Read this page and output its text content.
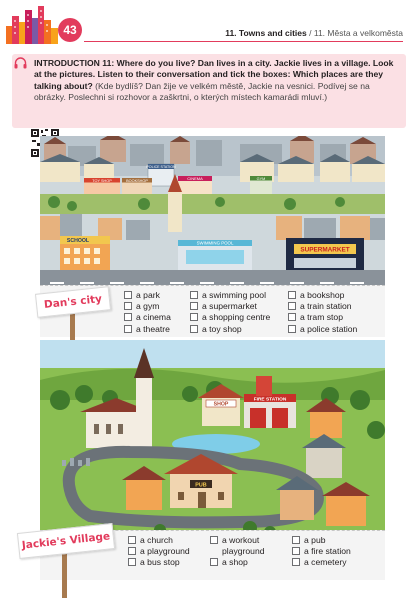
43	11. Towns and cities / 11. Města a velkoměsta
INTRODUCTION 11: Where do you live? Dan lives in a city. Jackie lives in a village. Look at the pictures. Listen to their conversation and tick the boxes: Which places are they talking about? (Kde bydlíš? Dan žije ve velkém městě, Jackie na vesnici. Podívej se na obrázky. Poslechni si rozhovor a zaškrtni, o kterých místech kamarádi mluví.)
POLICE STATION
TOY SHOP	BOOKSHOP	CINEMA	GYM
SCHOOL	SWIMMING POOL
SUPERMARKET
a park
a gym
a cinema
a theatre
a swimming pool
a supermarket
a shopping centre
a toy shop
a bookshop
a train station
a tram stop
a police station
Dan's city
SHOP
FIRE STATION
PUB
a church
a playground
a bus stop
a workout
playground
a shop
a pub
a fire station
a cemetery
Jackie's Village
